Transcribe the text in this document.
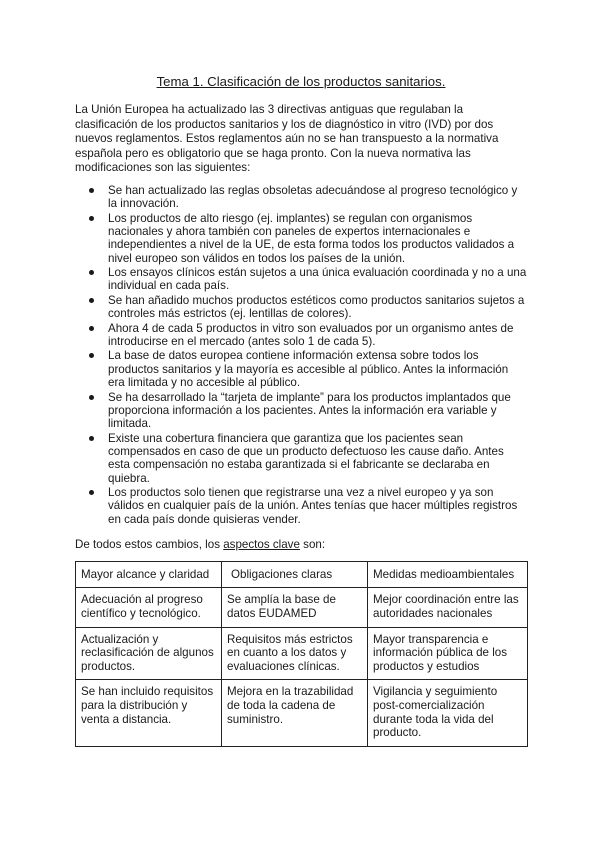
Tema 1. Clasificación de los productos sanitarios.

La Unión Europea ha actualizado las 3 directivas antiguas que regulaban la clasificación de los productos sanitarios y los de diagnóstico in vitro (IVD) por dos nuevos reglamentos. Estos reglamentos aún no se han transpuesto a la normativa española pero es obligatorio que se haga pronto. Con la nueva normativa las modificaciones son las siguientes:

Se han actualizado las reglas obsoletas adecuándose al progreso tecnológico y la innovación.
Los productos de alto riesgo (ej. implantes) se regulan con organismos nacionales y ahora también con paneles de expertos internacionales e independientes a nivel de la UE, de esta forma todos los productos validados a nivel europeo son válidos en todos los países de la unión.
Los ensayos clínicos están sujetos a una única evaluación coordinada y no a una individual en cada país.
Se han añadido muchos productos estéticos como productos sanitarios sujetos a controles más estrictos (ej. lentillas de colores).
Ahora 4 de cada 5 productos in vitro son evaluados por un organismo antes de introducirse en el mercado (antes solo 1 de cada 5).
La base de datos europea contiene información extensa sobre todos los productos sanitarios y la mayoría es accesible al público. Antes la información era limitada y no accesible al público.
Se ha desarrollado la “tarjeta de implante” para los productos implantados que proporciona información a los pacientes. Antes la información era variable y limitada.
Existe una cobertura financiera que garantiza que los pacientes sean compensados en caso de que un producto defectuoso les cause daño. Antes esta compensación no estaba garantizada si el fabricante se declaraba en quiebra.
Los productos solo tienen que registrarse una vez a nivel europeo y ya son válidos en cualquier país de la unión. Antes tenías que hacer múltiples registros en cada país donde quisieras vender.

De todos estos cambios, los aspectos clave son:

Mayor alcance y claridad	Obligaciones claras	Medidas medioambientales
Adecuación al progreso científico y tecnológico.	Se amplía la base de datos EUDAMED	Mejor coordinación entre las autoridades nacionales
Actualización y reclasificación de algunos productos.	Requisitos más estrictos en cuanto a los datos y evaluaciones clínicas.	Mayor transparencia e información pública de los productos y estudios
Se han incluido requisitos para la distribución y venta a distancia.	Mejora en la trazabilidad de toda la cadena de suministro.	Vigilancia y seguimiento post-comercialización durante toda la vida del producto.
